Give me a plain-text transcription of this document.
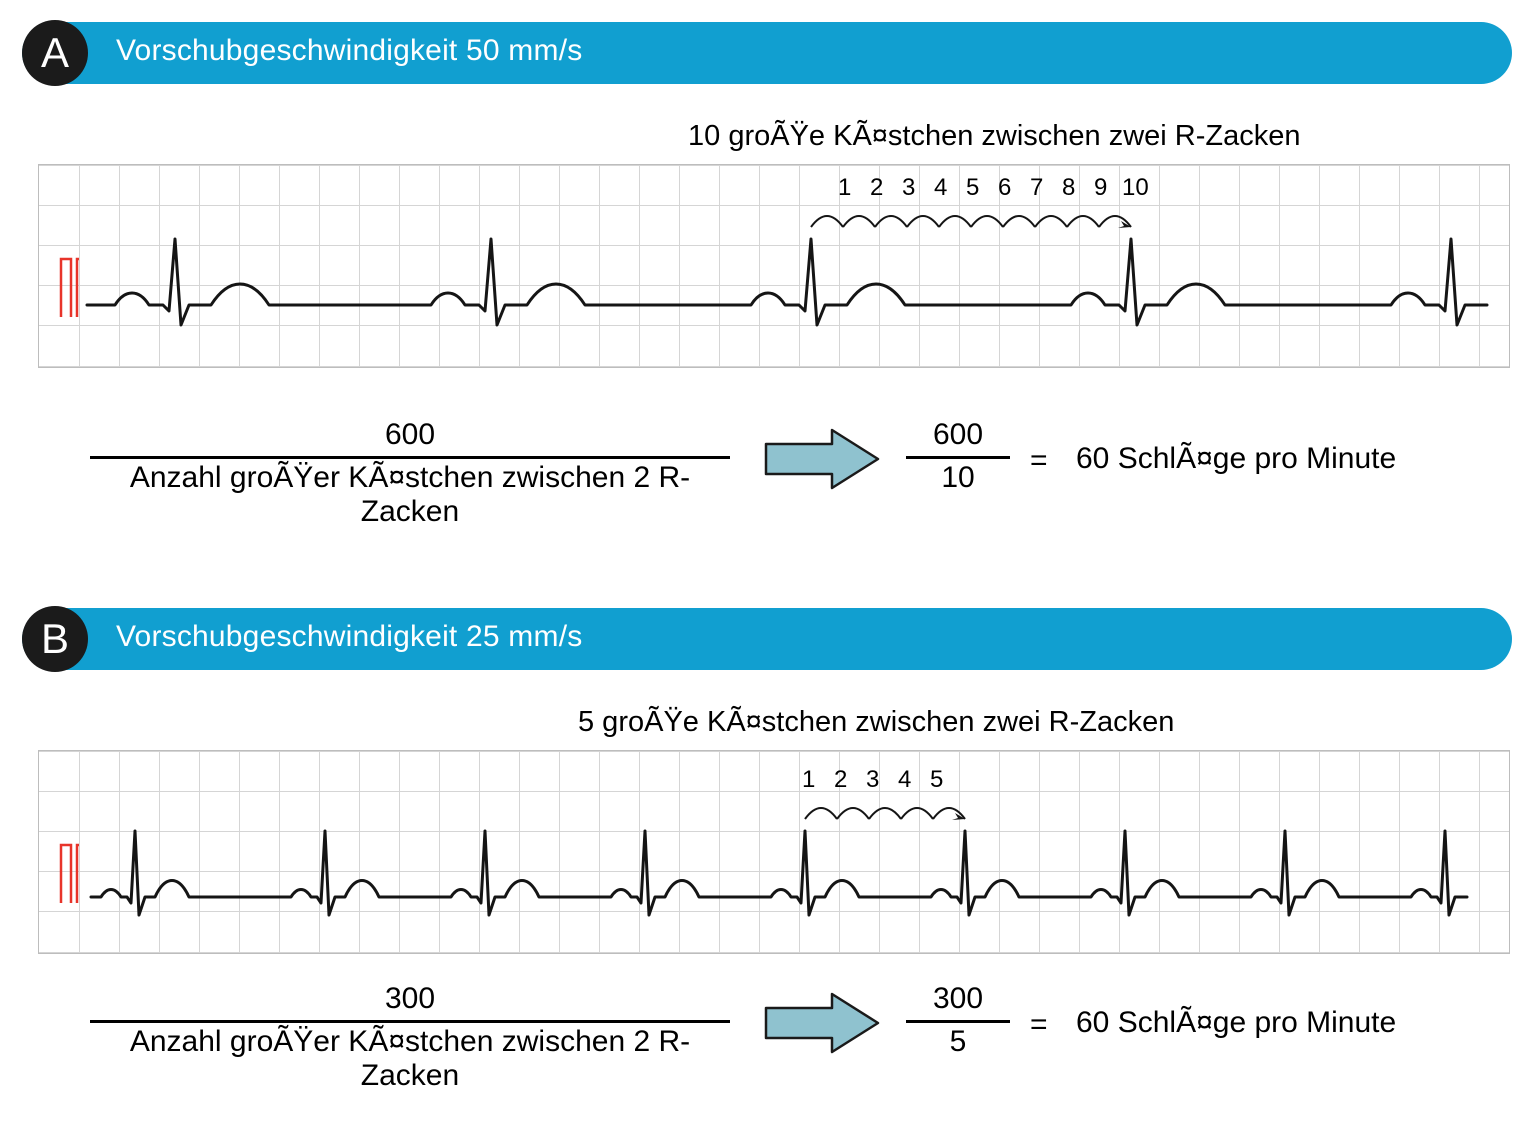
A	Vorschubgeschwindigkeit 50 mm/s
10 groÃŸe KÃ¤stchen zwischen zwei R-Zacken
1 2 3 4 5 6 7 8 9 10
600
Anzahl groÃŸer KÃ¤stchen zwischen 2 R-Zacken
600
10
= 60 SchlÃ¤ge pro Minute
B	Vorschubgeschwindigkeit 25 mm/s
5 groÃŸe KÃ¤stchen zwischen zwei R-Zacken
1 2 3 4 5
300
Anzahl groÃŸer KÃ¤stchen zwischen 2 R-Zacken
300
5
= 60 SchlÃ¤ge pro Minute
